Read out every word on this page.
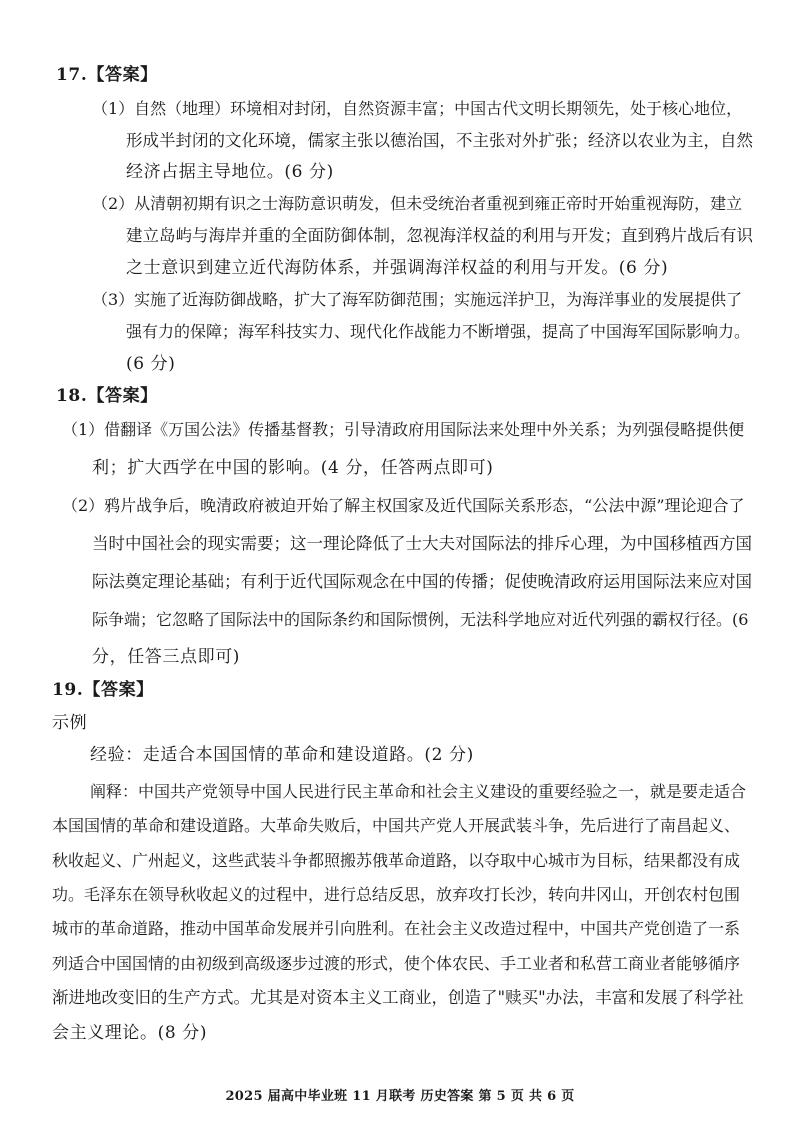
17.【答案】
（1）自然（地理）环境相对封闭，自然资源丰富；中国古代文明长期领先，处于核心地位，
形成半封闭的文化环境，儒家主张以德治国，不主张对外扩张；经济以农业为主，自然
经济占据主导地位。(6 分)
（2）从清朝初期有识之士海防意识萌发，但未受统治者重视到雍正帝时开始重视海防，建立
建立岛屿与海岸并重的全面防御体制，忽视海洋权益的利用与开发；直到鸦片战后有识
之士意识到建立近代海防体系，并强调海洋权益的利用与开发。(6 分)
（3）实施了近海防御战略，扩大了海军防御范围；实施远洋护卫，为海洋事业的发展提供了
强有力的保障；海军科技实力、现代化作战能力不断增强，提高了中国海军国际影响力。
(6 分)
18.【答案】
（1）借翻译《万国公法》传播基督教；引导清政府用国际法来处理中外关系；为列强侵略提供便
利；扩大西学在中国的影响。(4 分，任答两点即可)
（2）鸦片战争后，晚清政府被迫开始了解主权国家及近代国际关系形态，“公法中源”理论迎合了
当时中国社会的现实需要；这一理论降低了士大夫对国际法的排斥心理，为中国移植西方国
际法奠定理论基础；有利于近代国际观念在中国的传播；促使晚清政府运用国际法来应对国
际争端；它忽略了国际法中的国际条约和国际惯例，无法科学地应对近代列强的霸权行径。(6
分，任答三点即可)
19.【答案】
示例
经验：走适合本国国情的革命和建设道路。(2 分)
阐释：中国共产党领导中国人民进行民主革命和社会主义建设的重要经验之一，就是要走适合
本国国情的革命和建设道路。大革命失败后，中国共产党人开展武装斗争，先后进行了南昌起义、
秋收起义、广州起义，这些武装斗争都照搬苏俄革命道路，以夺取中心城市为目标，结果都没有成
功。毛泽东在领导秋收起义的过程中，进行总结反思，放弃攻打长沙，转向井冈山，开创农村包围
城市的革命道路，推动中国革命发展并引向胜利。在社会主义改造过程中，中国共产党创造了一系
列适合中国国情的由初级到高级逐步过渡的形式，使个体农民、手工业者和私营工商业者能够循序
渐进地改变旧的生产方式。尤其是对资本主义工商业，创造了"赎买"办法，丰富和发展了科学社
会主义理论。(8 分)
2025 届高中毕业班 11 月联考 历史答案 第 5 页 共 6 页
